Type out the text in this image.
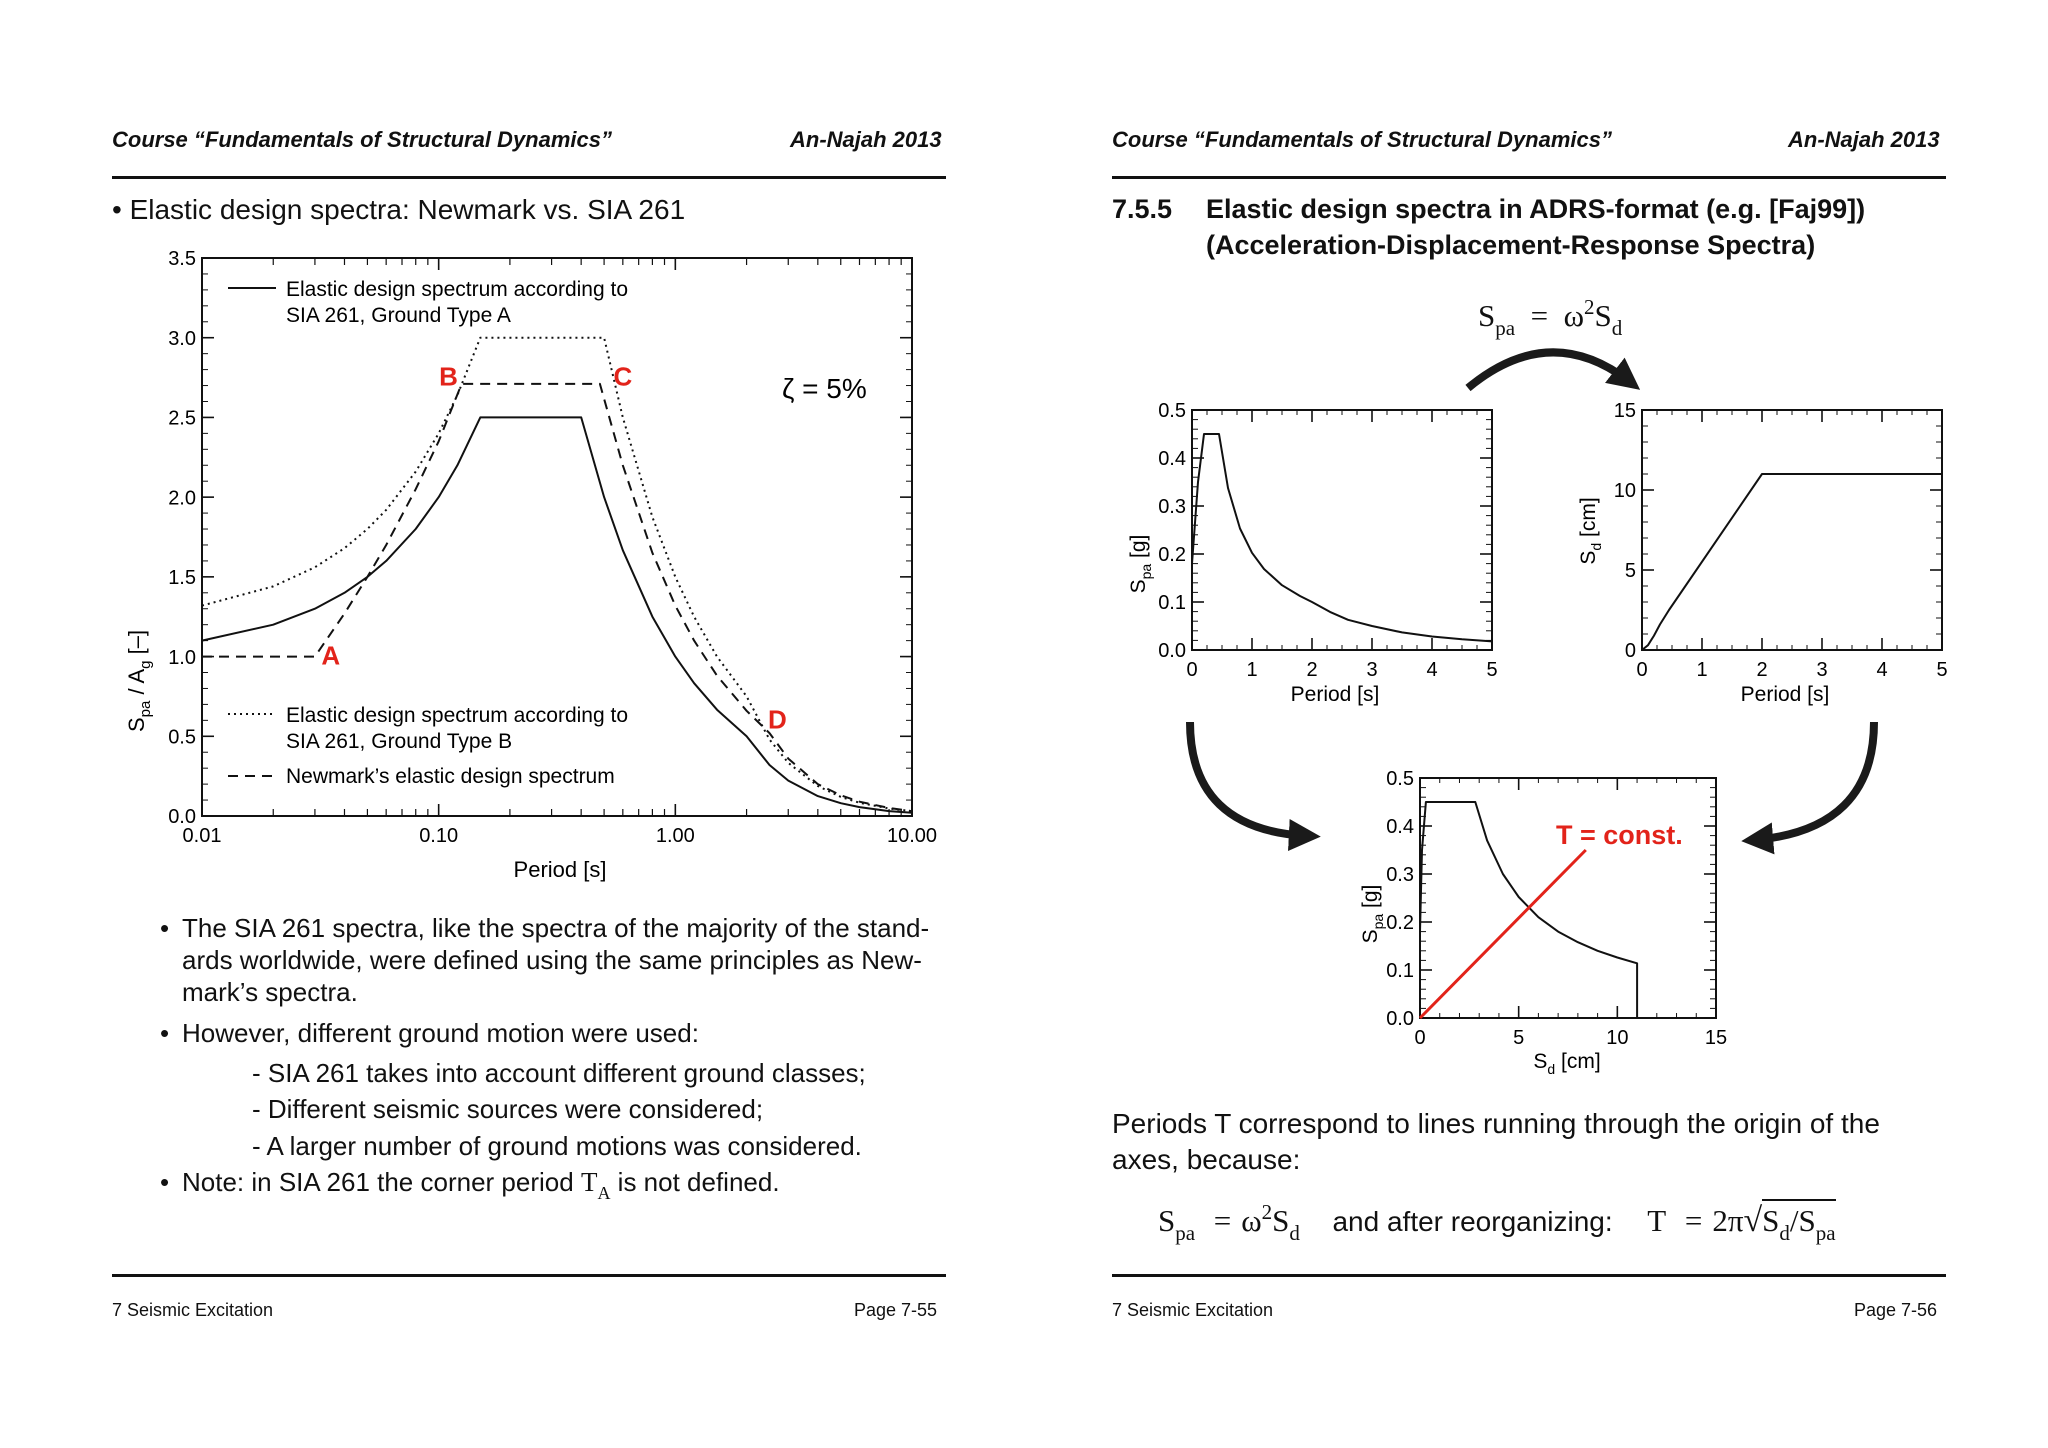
Course “Fundamentals of Structural Dynamics”	An-Najah 2013
• Elastic design spectra: Newmark vs. SIA 261
0.01	0.10	1.00	10.00
0.0
0.5
1.0
1.5
2.0
2.5
3.0
3.5
A
B	C
D
Period [s]
$S_{pa} / A_g$ [–]
ζ = 5%
Elastic design spectrum according to
SIA 261, Ground Type A
Elastic design spectrum according to
SIA 261, Ground Type B
Newmark’s elastic design spectrum
• The SIA 261 spectra, like the spectra of the majority of the stand-ards worldwide, were defined using the same principles as New-mark’s spectra.
• However, different ground motion were used:
- SIA 261 takes into account different ground classes;
- Different seismic sources were considered;
- A larger number of ground motions was considered.
• Note: in SIA 261 the corner period $T_A$ is not defined.
7 Seismic Excitation	Page 7-55
Course “Fundamentals of Structural Dynamics”	An-Najah 2013
7.5.5 Elastic design spectra in ADRS-format (e.g. [Faj99])
(Acceleration-Displacement-Response Spectra)
$S_{pa} = \omega^2S_d$
0 1 2 3 4 5
0.0
0.1
0.2
0.3
0.4
0.5
Period [s]
$S_{pa}$ [g]
0 1 2 3 4 5
0
5
10
15
Period [s]
$S_d$ [cm]
0	5	10	15
0.0
0.1
0.2
0.3
0.4
0.5
$S_d$ [cm]
$S_{pa}$ [g]
T = const.
Periods T correspond to lines running through the origin of the
axes, because:
$S_{pa} = \omega^2S_d$ and after reorganizing: $T = 2\pi√S_d/S_{pa}$
7 Seismic Excitation	Page 7-56
